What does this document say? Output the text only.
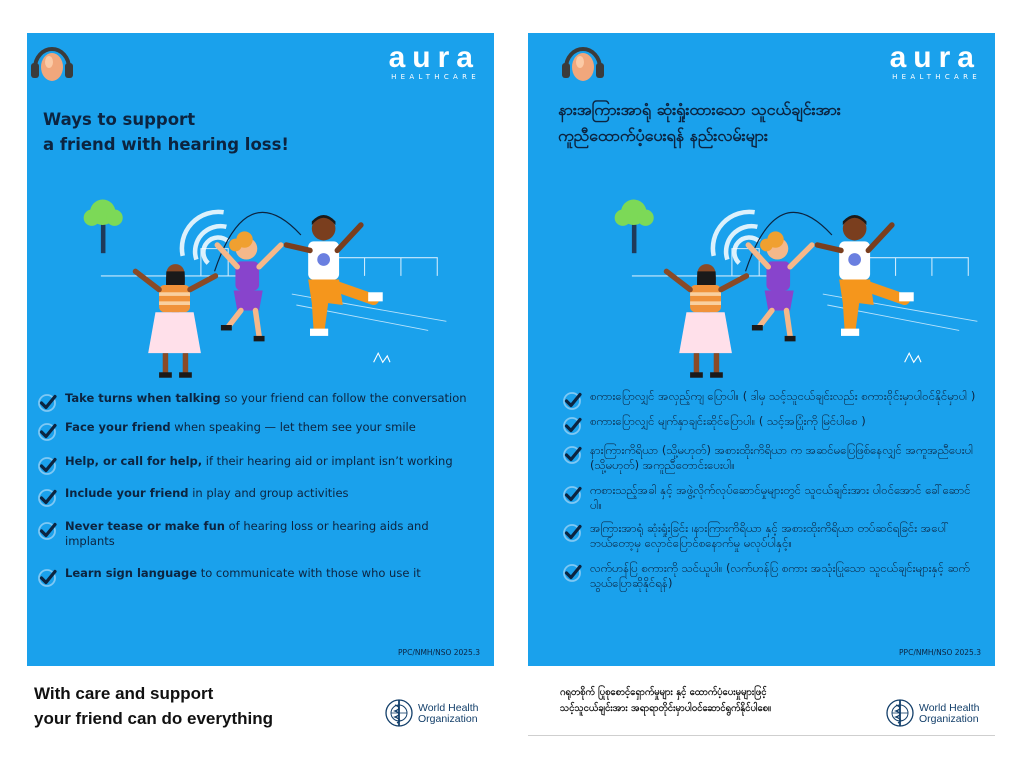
aura
HEALTHCARE
Ways to support
a friend with hearing loss!
Take turns when talking so your friend can follow the conversation
Face your friend when speaking — let them see your smile
Help, or call for help, if their hearing aid or implant isn’t working
Include your friend in play and group activities
Never tease or make fun of hearing loss or hearing aids and implants
Learn sign language to communicate with those who use it
PPC/NMH/NSO 2025.3
With care and support
your friend can do everything
World Health
Organization
aura
HEALTHCARE
နားအကြားအာရုံ ဆုံးရှုံးထားသော သူငယ်ချင်းအား
ကူညီထောက်ပံ့ပေးရန် နည်းလမ်းများ
စကားပြောလျှင် အလှည့်ကျ ပြောပါ။ ( ဒါမှ သင့်သူငယ်ချင်းလည်း စကားဝိုင်းမှာပါဝင်နိုင်မှာပါ )
စကားပြောလျှင် မျက်နှာချင်းဆိုင်ပြောပါ။ ( သင့်အပြုံးကို မြင်ပါစေ )
နားကြားကိရိယာ (သို့မဟုတ်) အစားထိုးကိရိယာ က အဆင်မပြေဖြစ်နေလျှင် အကူအညီပေးပါ (သို့မဟုတ်) အကူညီတောင်းပေးပါ။
ကစားသည့်အခါ နှင့် အဖွဲ့လိုက်လုပ်ဆောင်မှုများတွင် သူငယ်ချင်းအား ပါဝင်အောင် ခေါ်ဆောင်ပါ။
အကြားအာရုံ ဆုံးရှုံးခြင်း ၊နားကြားကိရိယာ နှင့် အစားထိုးကိရိယာ တပ်ဆင်ရခြင်း အပေါ် ဘယ်တော့မှ လှောင်ပြောင်စနောက်မှု မလုပ်ပါနှင့်။
လက်ဟန်ပြ စကားကို သင်ယူပါ။ (လက်ဟန်ပြ စကား အသုံးပြုသော သူငယ်ချင်းများနှင့် ဆက်သွယ်ပြောဆိုနိုင်ရန်)
PPC/NMH/NSO 2025.3
ဂရုတစိုက် ပြုစုစောင့်ရှောက်မှုများ နှင့် ထောက်ပံ့ပေးမှုများဖြင့်
သင့်သူငယ်ချင်းအား အရာရာတိုင်းမှာပါဝင်ဆောင်ရွက်နိုင်ပါစေ။	World Health
Organization
